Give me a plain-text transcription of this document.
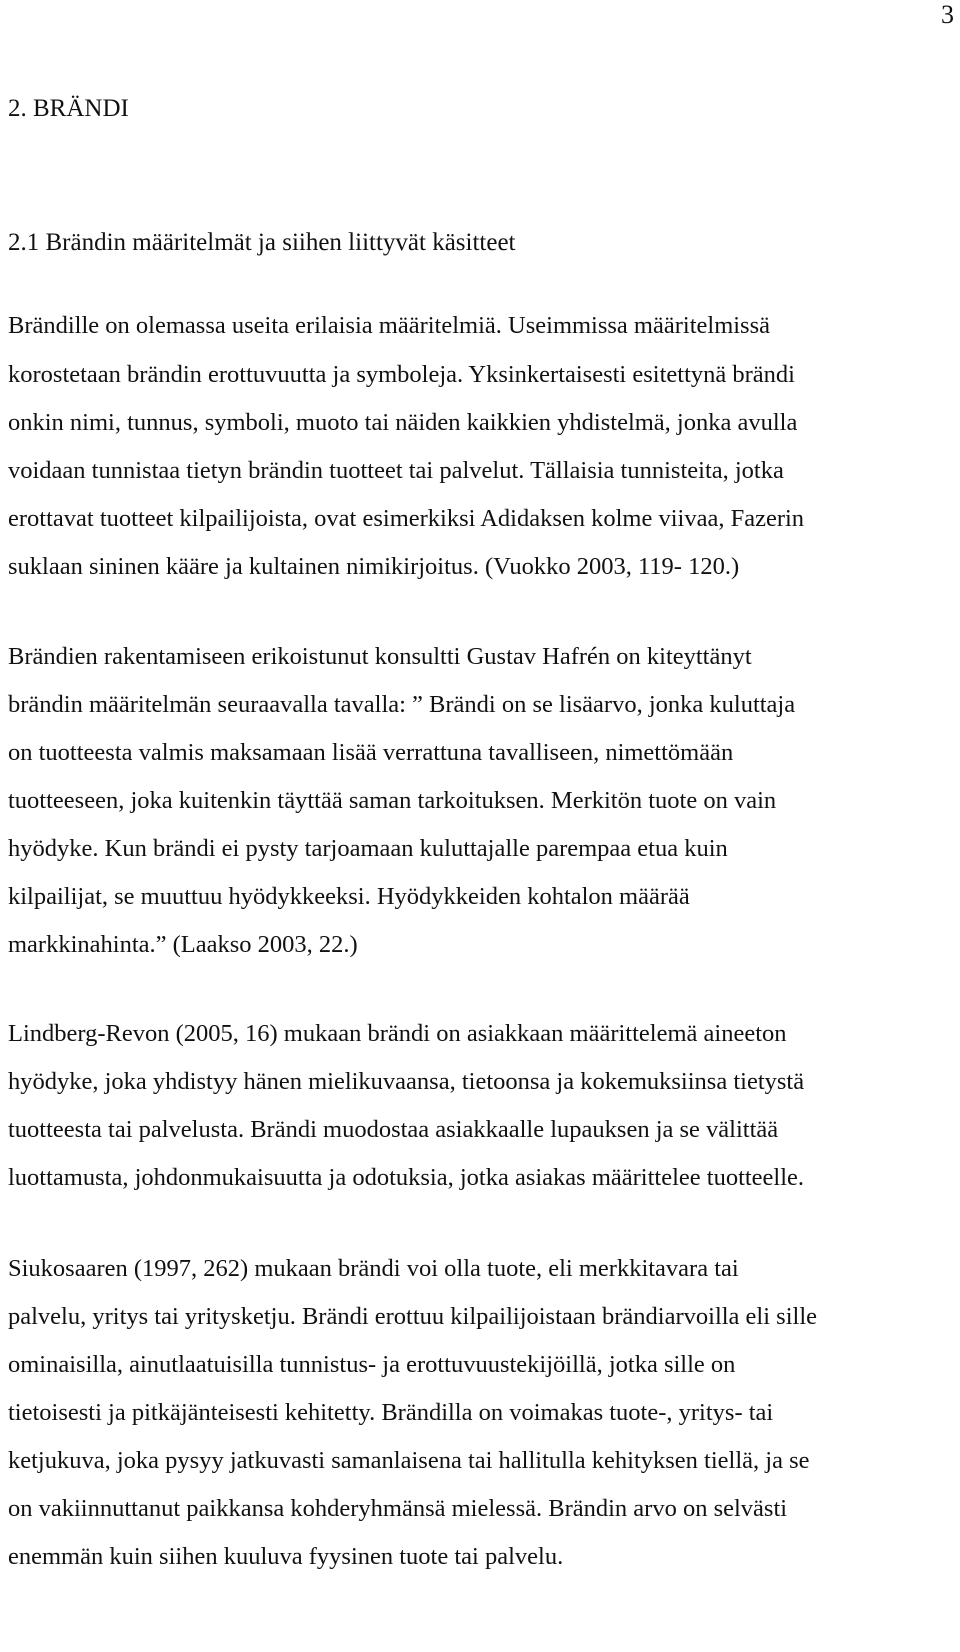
3
2. BRÄNDI
2.1 Brändin määritelmät ja siihen liittyvät käsitteet
Brändille on olemassa useita erilaisia määritelmiä. Useimmissa määritelmissä
korostetaan brändin erottuvuutta ja symboleja. Yksinkertaisesti esitettynä brändi
onkin nimi, tunnus, symboli, muoto tai näiden kaikkien yhdistelmä, jonka avulla
voidaan tunnistaa tietyn brändin tuotteet tai palvelut. Tällaisia tunnisteita, jotka
erottavat tuotteet kilpailijoista, ovat esimerkiksi Adidaksen kolme viivaa, Fazerin
suklaan sininen kääre ja kultainen nimikirjoitus. (Vuokko 2003, 119- 120.)
Brändien rakentamiseen erikoistunut konsultti Gustav Hafrén on kiteyttänyt
brändin määritelmän seuraavalla tavalla: ” Brändi on se lisäarvo, jonka kuluttaja
on tuotteesta valmis maksamaan lisää verrattuna tavalliseen, nimettömään
tuotteeseen, joka kuitenkin täyttää saman tarkoituksen. Merkitön tuote on vain
hyödyke. Kun brändi ei pysty tarjoamaan kuluttajalle parempaa etua kuin
kilpailijat, se muuttuu hyödykkeeksi. Hyödykkeiden kohtalon määrää
markkinahinta.” (Laakso 2003, 22.)
Lindberg-Revon (2005, 16) mukaan brändi on asiakkaan määrittelemä aineeton
hyödyke, joka yhdistyy hänen mielikuvaansa, tietoonsa ja kokemuksiinsa tietystä
tuotteesta tai palvelusta. Brändi muodostaa asiakkaalle lupauksen ja se välittää
luottamusta, johdonmukaisuutta ja odotuksia, jotka asiakas määrittelee tuotteelle.
Siukosaaren (1997, 262) mukaan brändi voi olla tuote, eli merkkitavara tai
palvelu, yritys tai yritysketju. Brändi erottuu kilpailijoistaan brändiarvoilla eli sille
ominaisilla, ainutlaatuisilla tunnistus- ja erottuvuustekijöillä, jotka sille on
tietoisesti ja pitkäjänteisesti kehitetty. Brändilla on voimakas tuote-, yritys- tai
ketjukuva, joka pysyy jatkuvasti samanlaisena tai hallitulla kehityksen tiellä, ja se
on vakiinnuttanut paikkansa kohderyhmänsä mielessä. Brändin arvo on selvästi
enemmän kuin siihen kuuluva fyysinen tuote tai palvelu.
